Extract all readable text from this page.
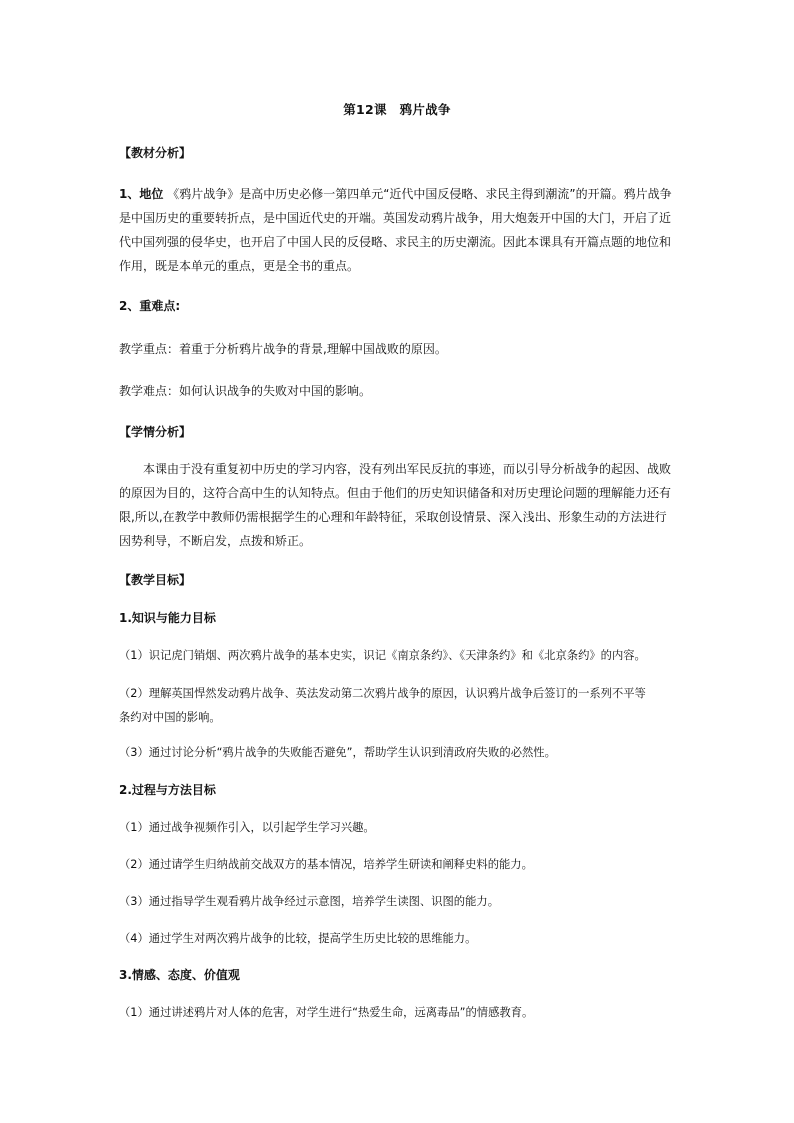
第12课　鸦片战争
【教材分析】
1、地位 《鸦片战争》是高中历史必修一第四单元“近代中国反侵略、求民主得到潮流”的开篇。鸦片战争
是中国历史的重要转折点，是中国近代史的开端。英国发动鸦片战争，用大炮轰开中国的大门，开启了近
代中国列强的侵华史，也开启了中国人民的反侵略、求民主的历史潮流。因此本课具有开篇点题的地位和
作用，既是本单元的重点，更是全书的重点。
2、重难点:
教学重点：着重于分析鸦片战争的背景,理解中国战败的原因。
教学难点：如何认识战争的失败对中国的影响。
【学情分析】
本课由于没有重复初中历史的学习内容，没有列出军民反抗的事迹，而以引导分析战争的起因、战败
的原因为目的，这符合高中生的认知特点。但由于他们的历史知识储备和对历史理论问题的理解能力还有
限,所以,在教学中教师仍需根据学生的心理和年龄特征，采取创设情景、深入浅出、形象生动的方法进行
因势利导，不断启发，点拨和矫正。
【教学目标】
1.知识与能力目标
（1）识记虎门销烟、两次鸦片战争的基本史实，识记《南京条约》、《天津条约》和《北京条约》的内容。
（2）理解英国悍然发动鸦片战争、英法发动第二次鸦片战争的原因，认识鸦片战争后签订的一系列不平等
条约对中国的影响。
（3）通过讨论分析“鸦片战争的失败能否避免”，帮助学生认识到清政府失败的必然性。
2.过程与方法目标
（1）通过战争视频作引入，以引起学生学习兴趣。
（2）通过请学生归纳战前交战双方的基本情况，培养学生研读和阐释史料的能力。
（3）通过指导学生观看鸦片战争经过示意图，培养学生读图、识图的能力。
（4）通过学生对两次鸦片战争的比较，提高学生历史比较的思维能力。
3.情感、态度、价值观
（1）通过讲述鸦片对人体的危害，对学生进行“热爱生命，远离毒品”的情感教育。
